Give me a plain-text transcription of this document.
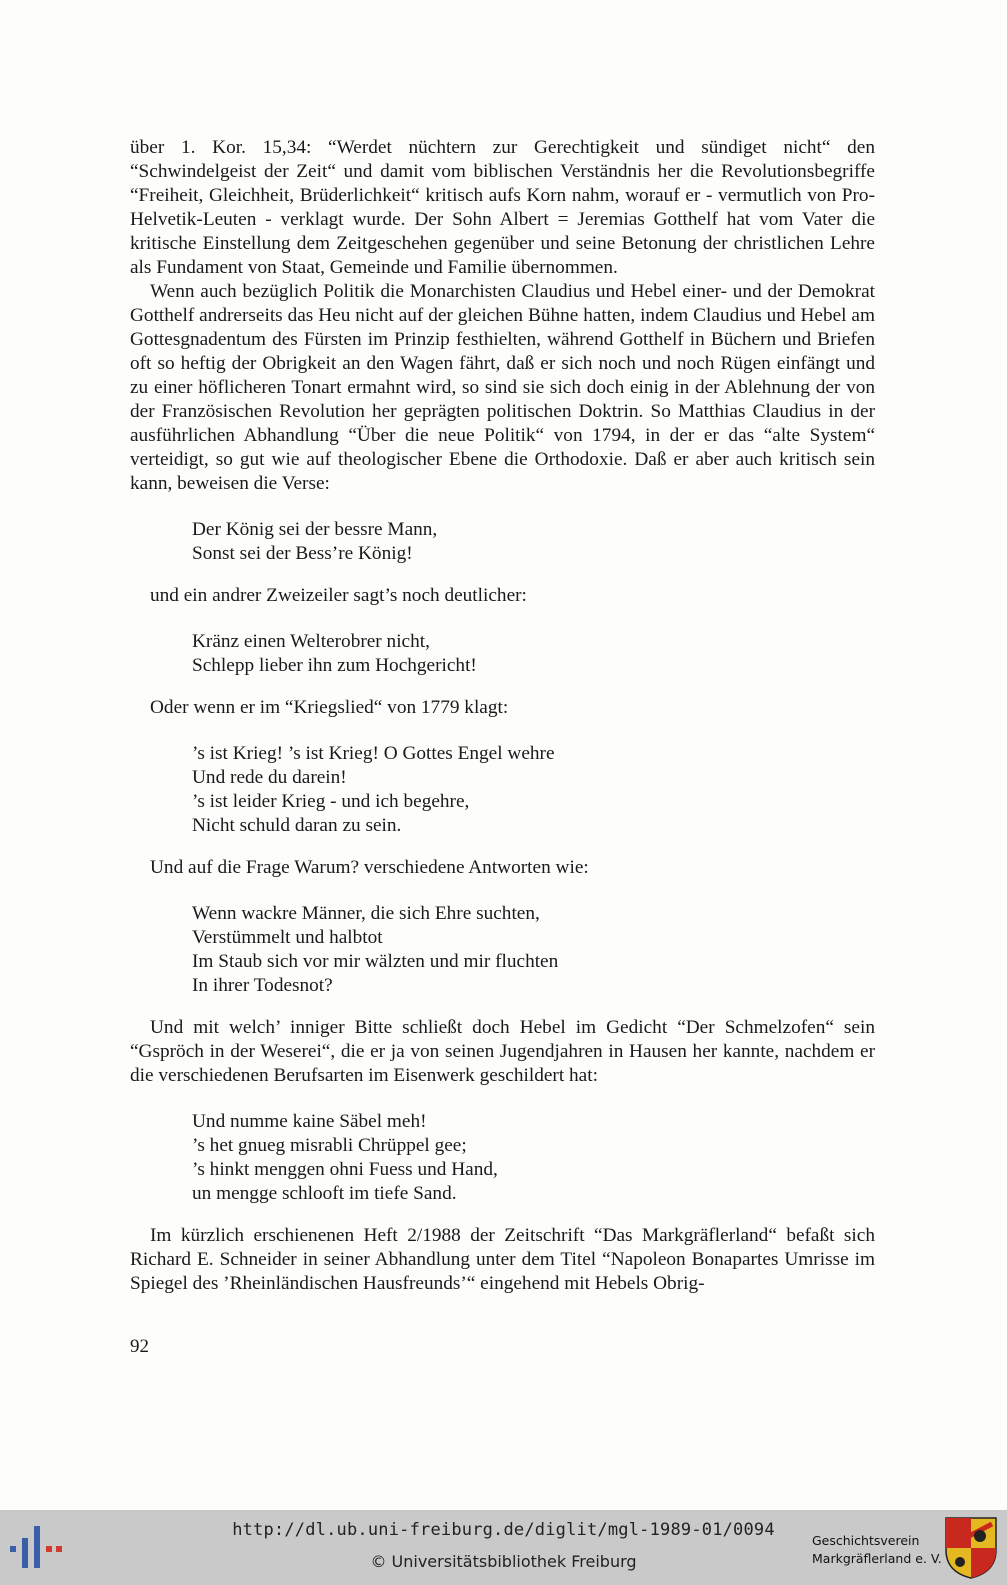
über 1. Kor. 15,34: “Werdet nüchtern zur Gerechtigkeit und sündiget nicht“ den “Schwindelgeist der Zeit“ und damit vom biblischen Verständnis her die Revolutionsbegriffe “Freiheit, Gleichheit, Brüderlichkeit“ kritisch aufs Korn nahm, worauf er - vermutlich von Pro-Helvetik-Leuten - verklagt wurde. Der Sohn Albert = Jeremias Gotthelf hat vom Vater die kritische Einstellung dem Zeitgeschehen gegenüber und seine Betonung der christlichen Lehre als Fundament von Staat, Gemeinde und Familie übernommen.

Wenn auch bezüglich Politik die Monarchisten Claudius und Hebel einer- und der Demokrat Gotthelf andrerseits das Heu nicht auf der gleichen Bühne hatten, indem Claudius und Hebel am Gottesgnadentum des Fürsten im Prinzip festhielten, während Gotthelf in Büchern und Briefen oft so heftig der Obrigkeit an den Wagen fährt, daß er sich noch und noch Rügen einfängt und zu einer höflicheren Tonart ermahnt wird, so sind sie sich doch einig in der Ablehnung der von der Französischen Revolution her geprägten politischen Doktrin. So Matthias Claudius in der ausführlichen Abhandlung “Über die neue Politik“ von 1794, in der er das “alte System“ verteidigt, so gut wie auf theologischer Ebene die Orthodoxie. Daß er aber auch kritisch sein kann, beweisen die Verse:

Der König sei der bessre Mann,
Sonst sei der Bess’re König!

und ein andrer Zweizeiler sagt’s noch deutlicher:

Kränz einen Welterobrer nicht,
Schlepp lieber ihn zum Hochgericht!

Oder wenn er im “Kriegslied“ von 1779 klagt:

’s ist Krieg! ’s ist Krieg! O Gottes Engel wehre
Und rede du darein!
’s ist leider Krieg - und ich begehre,
Nicht schuld daran zu sein.

Und auf die Frage Warum? verschiedene Antworten wie:

Wenn wackre Männer, die sich Ehre suchten,
Verstümmelt und halbtot
Im Staub sich vor mir wälzten und mir fluchten
In ihrer Todesnot?

Und mit welch’ inniger Bitte schließt doch Hebel im Gedicht “Der Schmelzofen“ sein “Gspröch in der Weserei“, die er ja von seinen Jugendjahren in Hausen her kannte, nachdem er die verschiedenen Berufsarten im Eisenwerk geschildert hat:

Und numme kaine Säbel meh!
’s het gnueg misrabli Chrüppel gee;
’s hinkt menggen ohni Fuess und Hand,
un mengge schlooft im tiefe Sand.

Im kürzlich erschienenen Heft 2/1988 der Zeitschrift “Das Markgräflerland“ befaßt sich Richard E. Schneider in seiner Abhandlung unter dem Titel “Napoleon Bonapartes Umrisse im Spiegel des ’Rheinländischen Hausfreunds’“ eingehend mit Hebels Obrig-

92
http://dl.ub.uni-freiburg.de/diglit/mgl-1989-01/0094
© Universitätsbibliothek Freiburg
Geschichtsverein
Markgräflerland e. V.
